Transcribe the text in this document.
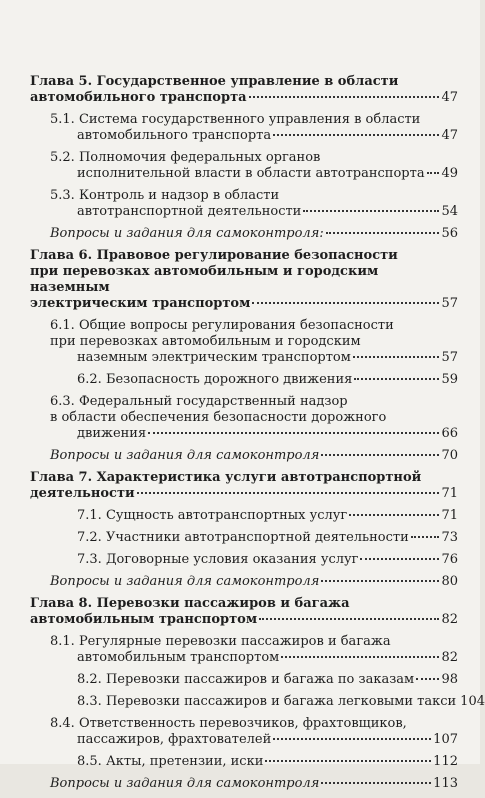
Глава 5. Государственное управление в области
автомобильного транспорта	47
5.1. Система государственного управления в области
автомобильного транспорта	47
5.2. Полномочия федеральных органов
исполнительной власти в области автотранспорта 49
5.3. Контроль и надзор в области
автотранспортной деятельности	54
Вопросы и задания для самоконтроля:	56
Глава 6. Правовое регулирование безопасности
при перевозках автомобильным и городским наземным
электрическим транспортом	57
6.1. Общие вопросы регулирования безопасности
при перевозках автомобильным и городским
наземным электрическим транспортом	57
6.2. Безопасность дорожного движения	59
6.3. Федеральный государственный надзор
в области обеспечения безопасности дорожного
движения	66
Вопросы и задания для самоконтроля	70
Глава 7. Характеристика услуги автотранспортной
деятельности	71
7.1. Сущность автотранспортных услуг	71
7.2. Участники автотранспортной деятельности	73
7.3. Договорные условия оказания услуг	76
Вопросы и задания для самоконтроля	80
Глава 8. Перевозки пассажиров и багажа
автомобильным транспортом	82
8.1. Регулярные перевозки пассажиров и багажа
автомобильным транспортом	82
8.2. Перевозки пассажиров и багажа по заказам 98
8.3. Перевозки пассажиров и багажа легковыми такси 104
8.4. Ответственность перевозчиков, фрахтовщиков,
пассажиров, фрахтователей	107
8.5. Акты, претензии, иски	112
Вопросы и задания для самоконтроля	113
